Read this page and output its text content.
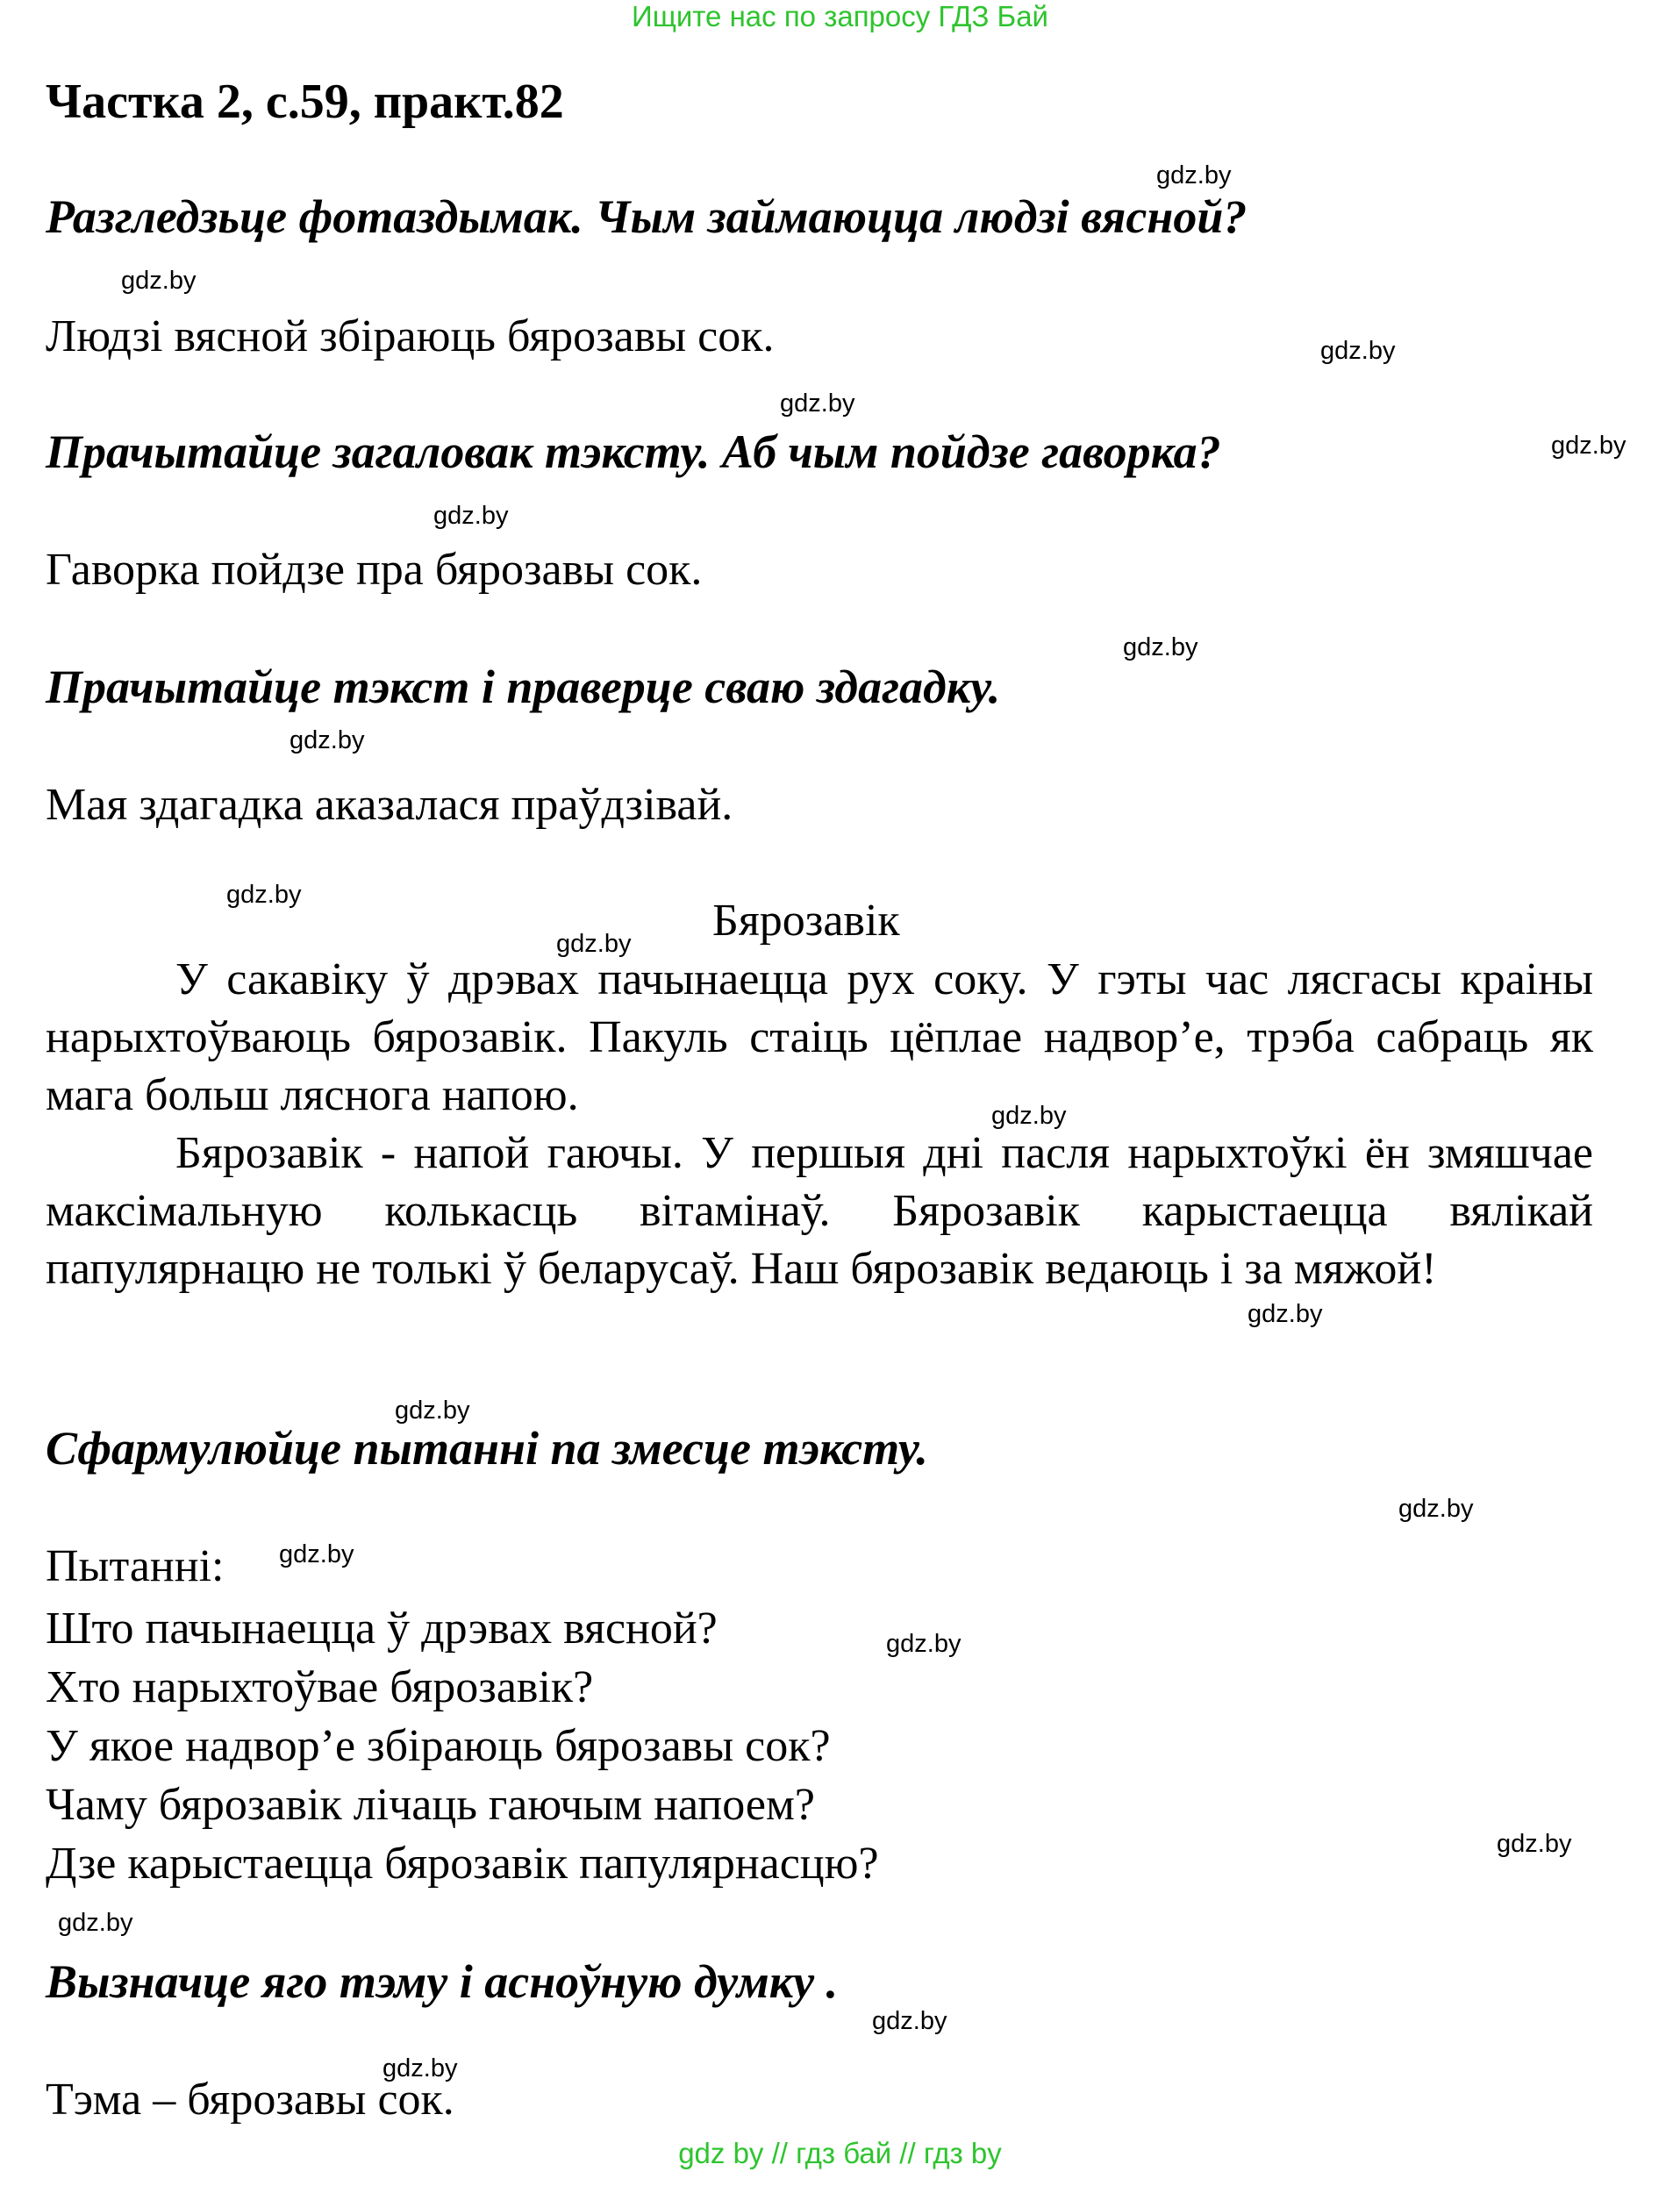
Ищите нас по запросу ГДЗ Бай
Частка 2, с.59, практ.82
Разгледзьце фотаздымак. Чым займаюцца людзі вясной?
Людзі вясной збіраюць бярозавы сок.
Прачытайце загаловак тэксту. Аб чым пойдзе гаворка?
Гаворка пойдзе пра бярозавы сок.
Прачытайце тэкст і праверце сваю здагадку.
Мая здагадка аказалася праўдзівай.
Бярозавік

У сакавіку ў дрэвах пачынаецца рух соку. У гэты час лясгасы краіны нарыхтоўваюць бярозавік. Пакуль стаіць цёплае надвор’е, трэба сабраць як мага больш ляснога напою.

Бярозавік - напой гаючы. У першыя дні пасля нарыхтоўкі ён змяшчае максімальную колькасць вітамінаў. Бярозавік карыстаецца вялікай папулярнацю не толькі ў беларусаў. Наш бярозавік ведаюць і за мяжой!

Сфармулюйце пытанні па змесце тэксту.
Пытанні:
Што пачынаецца ў дрэвах вясной?
Хто нарыхтоўвае бярозавік?
У якое надвор’е збіраюць бярозавы сок?
Чаму бярозавік лічаць гаючым напоем?
Дзе карыстаецца бярозавік папулярнасцю?
Вызначце яго тэму і асноўную думку .
Тэма – бярозавы сок.
gdz.by
gdz.by
gdz.by
gdz.by
gdz.by
gdz.by
gdz.by
gdz.by
gdz.by
gdz.by
gdz.by
gdz.by
gdz.by
gdz.by
gdz.by
gdz.by
gdz.by
gdz.by
gdz.by
gdz.by
gdz by // гдз бай // гдз by
